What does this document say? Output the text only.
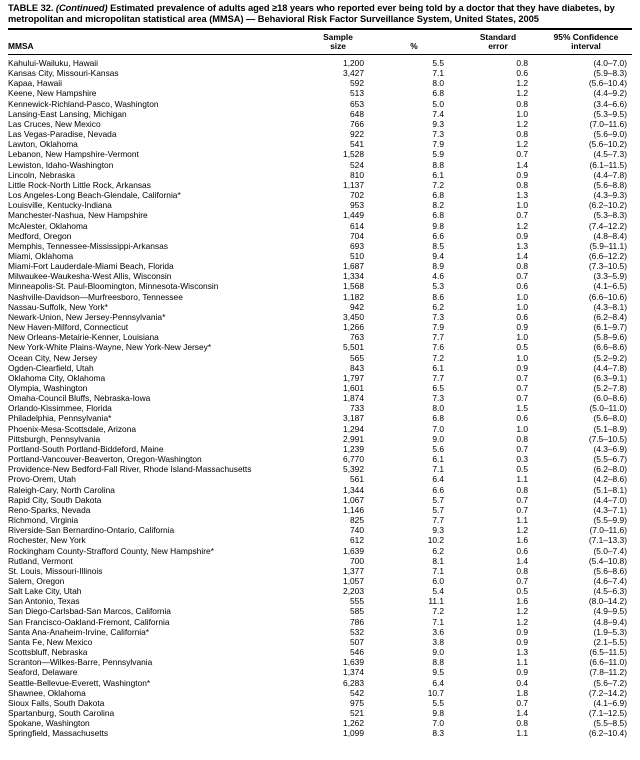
TABLE 32. (Continued) Estimated prevalence of adults aged ≥18 years who reported ever being told by a doctor that they have diabetes, by metropolitan and micropolitan statistical area (MMSA) — Behavioral Risk Factor Surveillance System, United States, 2005
MMSA	
Sample
size	%	
Standard
error

95% Confidence
interval

Kahului-Wailuku, Hawaii	1,200	5.5	0.8	(4.0–7.0)
Kansas City, Missouri-Kansas	3,427	7.1	0.6	(5.9–8.3)
Kapaa, Hawaii	592	8.0	1.2	(5.6–10.4)
Keene, New Hampshire	513	6.8	1.2	(4.4–9.2)
Kennewick-Richland-Pasco, Washington	653	5.0	0.8	(3.4–6.6)
Lansing-East Lansing, Michigan	648	7.4	1.0	(5.3–9.5)
Las Cruces, New Mexico	766	9.3	1.2	(7.0–11.6)
Las Vegas-Paradise, Nevada	922	7.3	0.8	(5.6–9.0)
Lawton, Oklahoma	541	7.9	1.2	(5.6–10.2)
Lebanon, New Hampshire-Vermont	1,528	5.9	0.7	(4.5–7.3)
Lewiston, Idaho-Washington	524	8.8	1.4	(6.1–11.5)
Lincoln, Nebraska	810	6.1	0.9	(4.4–7.8)
Little Rock-North Little Rock, Arkansas	1,137	7.2	0.8	(5.6–8.8)
Los Angeles-Long Beach-Glendale, California*	702	6.8	1.3	(4.3–9.3)
Louisville, Kentucky-Indiana	953	8.2	1.0	(6.2–10.2)
Manchester-Nashua, New Hampshire	1,449	6.8	0.7	(5.3–8.3)
McAlester, Oklahoma	614	9.8	1.2	(7.4–12.2)
Medford, Oregon	704	6.6	0.9	(4.8–8.4)
Memphis, Tennessee-Mississippi-Arkansas	693	8.5	1.3	(5.9–11.1)
Miami, Oklahoma	510	9.4	1.4	(6.6–12.2)
Miami-Fort Lauderdale-Miami Beach, Florida	1,687	8.9	0.8	(7.3–10.5)
Milwaukee-Waukesha-West Allis, Wisconsin	1,334	4.6	0.7	(3.3–5.9)
Minneapolis-St. Paul-Bloomington, Minnesota-Wisconsin	1,568	5.3	0.6	(4.1–6.5)
Nashville-Davidson—Murfreesboro, Tennessee	1,182	8.6	1.0	(6.6–10.6)
Nassau-Suffolk, New York*	942	6.2	1.0	(4.3–8.1)
Newark-Union, New Jersey-Pennsylvania*	3,450	7.3	0.6	(6.2–8.4)
New Haven-Milford, Connecticut	1,266	7.9	0.9	(6.1–9.7)
New Orleans-Metairie-Kenner, Louisiana	763	7.7	1.0	(5.8–9.6)
New York-White Plains-Wayne, New York-New Jersey*	5,501	7.6	0.5	(6.6–8.6)
Ocean City, New Jersey	565	7.2	1.0	(5.2–9.2)
Ogden-Clearfield, Utah	843	6.1	0.9	(4.4–7.8)
Oklahoma City, Oklahoma	1,797	7.7	0.7	(6.3–9.1)
Olympia, Washington	1,601	6.5	0.7	(5.2–7.8)
Omaha-Council Bluffs, Nebraska-Iowa	1,874	7.3	0.7	(6.0–8.6)
Orlando-Kissimmee, Florida	733	8.0	1.5	(5.0–11.0)
Philadelphia, Pennsylvania*	3,187	6.8	0.6	(5.6–8.0)
Phoenix-Mesa-Scottsdale, Arizona	1,294	7.0	1.0	(5.1–8.9)
Pittsburgh, Pennsylvania	2,991	9.0	0.8	(7.5–10.5)
Portland-South Portland-Biddeford, Maine	1,239	5.6	0.7	(4.3–6.9)
Portland-Vancouver-Beaverton, Oregon-Washington	6,770	6.1	0.3	(5.5–6.7)
Providence-New Bedford-Fall River, Rhode Island-Massachusetts	5,392	7.1	0.5	(6.2–8.0)
Provo-Orem, Utah	561	6.4	1.1	(4.2–8.6)
Raleigh-Cary, North Carolina	1,344	6.6	0.8	(5.1–8.1)
Rapid City, South Dakota	1,067	5.7	0.7	(4.4–7.0)
Reno-Sparks, Nevada	1,146	5.7	0.7	(4.3–7.1)
Richmond, Virginia	825	7.7	1.1	(5.5–9.9)
Riverside-San Bernardino-Ontario, California	740	9.3	1.2	(7.0–11.6)
Rochester, New York	612	10.2	1.6	(7.1–13.3)
Rockingham County-Strafford County, New Hampshire*	1,639	6.2	0.6	(5.0–7.4)
Rutland, Vermont	700	8.1	1.4	(5.4–10.8)
St. Louis, Missouri-Illinois	1,377	7.1	0.8	(5.6–8.6)
Salem, Oregon	1,057	6.0	0.7	(4.6–7.4)
Salt Lake City, Utah	2,203	5.4	0.5	(4.5–6.3)
San Antonio, Texas	555	11.1	1.6	(8.0–14.2)
San Diego-Carlsbad-San Marcos, California	585	7.2	1.2	(4.9–9.5)
San Francisco-Oakland-Fremont, California	786	7.1	1.2	(4.8–9.4)
Santa Ana-Anaheim-Irvine, California*	532	3.6	0.9	(1.9–5.3)
Santa Fe, New Mexico	507	3.8	0.9	(2.1–5.5)
Scottsbluff, Nebraska	546	9.0	1.3	(6.5–11.5)
Scranton—Wilkes-Barre, Pennsylvania	1,639	8.8	1.1	(6.6–11.0)
Seaford, Delaware	1,374	9.5	0.9	(7.8–11.2)
Seattle-Bellevue-Everett, Washington*	6,283	6.4	0.4	(5.6–7.2)
Shawnee, Oklahoma	542	10.7	1.8	(7.2–14.2)
Sioux Falls, South Dakota	975	5.5	0.7	(4.1–6.9)
Spartanburg, South Carolina	521	9.8	1.4	(7.1–12.5)
Spokane, Washington	1,262	7.0	0.8	(5.5–8.5)
Springfield, Massachusetts	1,099	8.3	1.1	(6.2–10.4)
